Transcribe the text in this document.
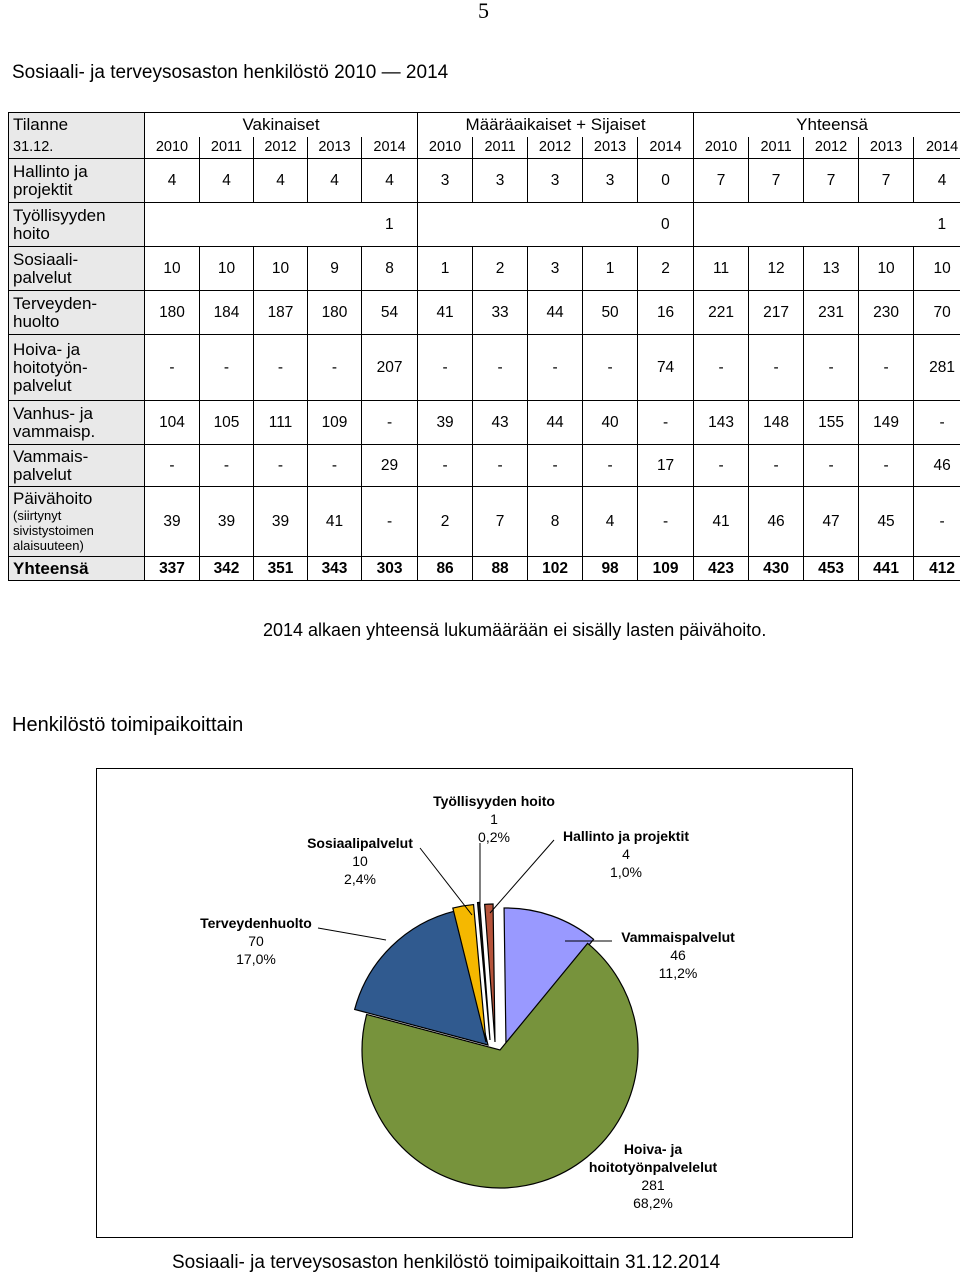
5
Sosiaali- ja terveysosaston henkilöstö 2010 — 2014
Tilanne	Vakinaiset					Määräaikaiset + Sijaiset					Yhteensä				
31.12.	2010	2011	2012	2013	2014	2010	2011	2012	2013	2014	2010	2011	2012	2013	2014

Hallinto ja
projektit	4	4	4	4	4	3	3	3	3	0	7	7	7	7	4

Työllisyyden
hoito					1					0					1

Sosiaali-
palvelut	10	10	10	9	8	1	2	3	1	2	11	12	13	10	10

Terveyden-
huolto	180	184	187	180	54	41	33	44	50	16	221	217	231	230	70

Hoiva- ja
hoitotyön-
palvelut	-	-	-	-	207	-	-	-	-	74	-	-	-	-	281

Vanhus- ja
vammaisp.	104	105	111	109	-	39	43	44	40	-	143	148	155	149	-

Vammais-
palvelut	-	-	-	-	29	-	-	-	-	17	-	-	-	-	46

Päivähoito
(siirtynyt
sivistystoimen
alaisuuteen)	39	39	39	41	-	2	7	8	4	-	41	46	47	45	-
Yhteensä	337	342	351	343	303	86	88	102	98	109	423	430	453	441	412
2014 alkaen yhteensä lukumäärään ei sisälly lasten päivähoito.
Henkilöstö toimipaikoittain
Hallinto ja projektit
4
1,0%
Vammaispalvelut
46
11,2%
Hoiva- ja
hoitotyönpalvelelut
281
68,2%
Terveydenhuolto
70
17,0%
Sosiaalipalvelut
10
2,4%
Työllisyyden hoito
1
0,2%
Sosiaali- ja terveysosaston henkilöstö toimipaikoittain 31.12.2014
